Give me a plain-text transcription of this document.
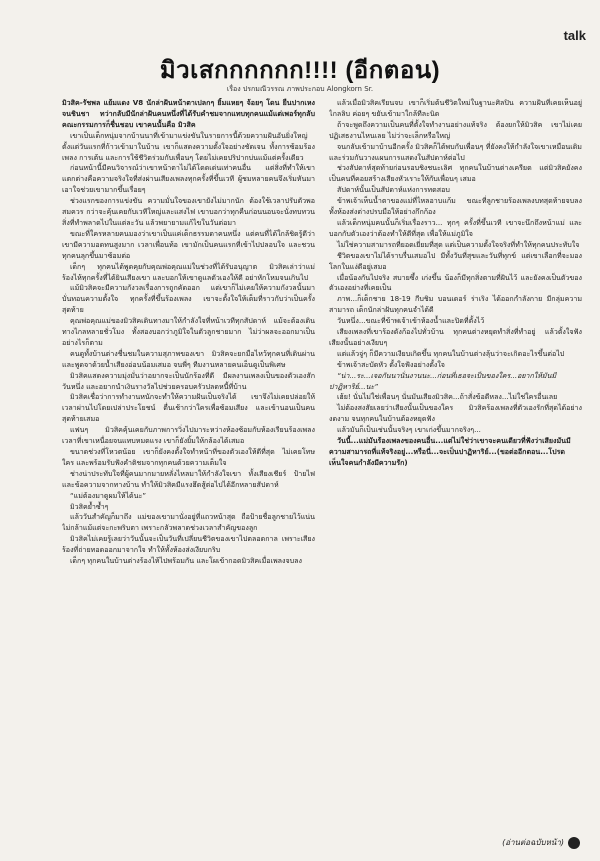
talk
มิวเสกกกกกก!!!! (อีกตอน)
เรื่อง ปรกมณีวรรณ ภาพประกอบ Alongkorn Sr.

มิวสิค-รัชพล แย้มแดง V8 นักล่าฝันหน้าตาเปลกๆ ยิ้มแหยๆ จ้อยๆ โดน ยืนปากเหงจนชินชา ทว่ากลับมีนักล่าฝันคนหนึ่งที่ได้รับคำชมจากแทบทุกคนแม้แต่เพอร์ทุกลับ คณะกรรมการก็ชื่นชอบ เขาคนนั้นคือ มิวสิค

เขาเป็นเด็กหนุ่มจากบ้านนาที่เข้ามาแข่งขันในรายการนี้ด้วยความฝันอันยิ่งใหญ่ ตั้งแต่วันแรกที่ก้าวเข้ามาในบ้าน เขาก็แสดงความตั้งใจอย่างชัดเจน ทั้งการซ้อมร้องเพลง การเต้น และการใช้ชีวิตร่วมกับเพื่อนๆ โดยไม่เคยปริปากบ่นแม้แต่ครั้งเดียว

ก่อนหน้านี้มีคนวิจารณ์ว่าเขาหน้าตาไม่ได้โดดเด่นเท่าคนอื่น แต่สิ่งที่ทำให้เขาแตกต่างคือความจริงใจที่ส่งผ่านเสียงเพลงทุกครั้งที่ขึ้นเวที ผู้ชมหลายคนจึงเริ่มหันมาเอาใจช่วยเขามากขึ้นเรื่อยๆ

ช่วงแรกของการแข่งขัน ความมั่นใจของเขายังไม่มากนัก ต้องใช้เวลาปรับตัวพอสมควร กว่าจะคุ้นเคยกับเวทีใหญ่และแสงไฟ เขาบอกว่าทุกคืนก่อนนอนจะนั่งทบทวนสิ่งที่ทำพลาดไปในแต่ละวัน แล้วพยายามแก้ไขในวันต่อมา

ขณะที่ใครหลายคนมองว่าเขาเป็นแค่เด็กธรรมดาคนหนึ่ง แต่คนที่ได้ใกล้ชิดรู้ดีว่าเขามีความอดทนสูงมาก เวลาเพื่อนท้อ เขามักเป็นคนแรกที่เข้าไปปลอบใจ และชวนทุกคนลุกขึ้นมาซ้อมต่อ

เด็กๆ ทุกคนได้พูดคุยกับคุณพ่อคุณแม่ในช่วงที่ได้รับอนุญาต มิวสิคเล่าว่าแม่ร้องไห้ทุกครั้งที่ได้ยินเสียงเขา และบอกให้เขาดูแลตัวเองให้ดี อย่าหักโหมจนเกินไป

แม้มิวสิคจะมีความกังวลเรื่องการถูกคัดออก แต่เขาก็ไม่เคยให้ความกังวลนั้นมาบั่นทอนความตั้งใจ ทุกครั้งที่ขึ้นร้องเพลง เขาจะตั้งใจให้เต็มที่ราวกับว่าเป็นครั้งสุดท้าย

คุณพ่อคุณแม่ของมิวสิคเดินทางมาให้กำลังใจที่หน้าเวทีทุกสัปดาห์ แม้จะต้องเดินทางไกลหลายชั่วโมง ทั้งสองบอกว่าภูมิใจในตัวลูกชายมาก ไม่ว่าผลจะออกมาเป็นอย่างไรก็ตาม

คนดูทั้งบ้านต่างชื่นชมในความสุภาพของเขา มิวสิคจะยกมือไหว้ทุกคนที่เดินผ่าน และพูดจาด้วยน้ำเสียงอ่อนน้อมเสมอ จนพี่ๆ ทีมงานหลายคนเอ็นดูเป็นพิเศษ

มิวสิคแสดงความมุ่งมั่นว่าอยากจะเป็นนักร้องที่ดี มีผลงานเพลงเป็นของตัวเองสักวันหนึ่ง และอยากนำเงินรางวัลไปช่วยครอบครัวปลดหนี้ที่บ้าน

มิวสิคเชื่อว่าการทำงานหนักจะทำให้ความฝันเป็นจริงได้ เขาจึงไม่เคยปล่อยให้เวลาผ่านไปโดยเปล่าประโยชน์ ตื่นเช้ากว่าใครเพื่อซ้อมเสียง และเข้านอนเป็นคนสุดท้ายเสมอ

แฟนๆ มิวสิคคุ้นเคยกับภาพการวิ่งไปมาระหว่างห้องซ้อมกับห้องเรียนร้องเพลง เวลาที่เขาเหนื่อยจนแทบหมดแรง เขาก็ยังยิ้มให้กล้องได้เสมอ

ขนาดช่วงที่โหวตน้อย เขาก็ยังคงตั้งใจทำหน้าที่ของตัวเองให้ดีที่สุด ไม่เคยโทษใคร และพร้อมรับฟังคำติชมจากทุกคนด้วยความเต็มใจ

ช่างน่าประทับใจที่ผู้คนมากมายหลั่งไหลมาให้กำลังใจเขา ทั้งเสียงเชียร์ ป้ายไฟ และข้อความจากทางบ้าน ทำให้มิวสิคมีแรงฮึดสู้ต่อไปได้อีกหลายสัปดาห์

“แม่ต้องมาดูผมให้ได้นะ”

มิวสิคย้ำซ้ำๆ

แล้ววันสำคัญก็มาถึง แม่ของเขามานั่งอยู่ที่แถวหน้าสุด ถือป้ายชื่อลูกชายไว้แน่น ไม่กล้าแม้แต่จะกะพริบตา เพราะกลัวพลาดช่วงเวลาสำคัญของลูก

มิวสิคไม่เคยรู้เลยว่าวันนั้นจะเป็นวันที่เปลี่ยนชีวิตของเขาไปตลอดกาล เพราะเสียงร้องที่ถ่ายทอดออกมาจากใจ ทำให้ทั้งห้องส่งเงียบกริบ

เด็กๆ ทุกคนในบ้านต่างร้องไห้ไปพร้อมกัน และโผเข้ากอดมิวสิคเมื่อเพลงจบลง

แล้วเมื่อมิวสิคเรียนจบ เขาก็เริ่มต้นชีวิตใหม่ในฐานะศิลปิน ความฝันที่เคยเห็นอยู่ไกลลิบ ค่อยๆ ขยับเข้ามาใกล้ทีละนิด

ถ้าจะพูดถึงความเป็นคนที่ตั้งใจทำงานอย่างแท้จริง ต้องยกให้มิวสิค เขาไม่เคยปฏิเสธงานไหนเลย ไม่ว่าจะเล็กหรือใหญ่

จนกลับเข้ามาบ้านอีกครั้ง มิวสิคก็ได้พบกับเพื่อนๆ ที่ยังคงให้กำลังใจเขาเหมือนเดิม และร่วมกันวางแผนการแสดงในสัปดาห์ต่อไป

ช่วงสัปดาห์สุดท้ายก่อนรอบชิงชนะเลิศ ทุกคนในบ้านต่างเครียด แต่มิวสิคยังคงเป็นคนที่คอยสร้างเสียงหัวเราะให้กับเพื่อนๆ เสมอ

สัปดาห์นั้นเป็นสัปดาห์แห่งการทดสอบ

ข้าพเจ้าเห็นน้ำตาของแม่ที่ไหลอาบแก้ม ขณะที่ลูกชายร้องเพลงบทสุดท้ายจบลง ทั้งห้องส่งต่างปรบมือให้อย่างกึกก้อง

แล้วเด็กหนุ่มคนนั้นก็เริ่มเรื่องราว... ทุกๆ ครั้งที่ขึ้นเวที เขาจะนึกถึงหน้าแม่ และบอกกับตัวเองว่าต้องทำให้ดีที่สุด เพื่อให้แม่ภูมิใจ

ไม่ใช่ความสามารถที่ยอดเยี่ยมที่สุด แต่เป็นความตั้งใจจริงที่ทำให้ทุกคนประทับใจ

ชีวิตของเขาไม่ได้ราบรื่นเสมอไป มีทั้งวันที่สุขและวันที่ทุกข์ แต่เขาเลือกที่จะมองโลกในแง่ดีอยู่เสมอ

เมื่อน้องกันไปจริง สบายซึ้ง เก่งขึ้น น้องก็มีทุกสิ่งตามที่ฝันไว้ และยังคงเป็นตัวของตัวเองอย่างที่เคยเป็น

ภาพ...ก็เด็กชาย 18-19 กีบชิม บอนเดอร์ ร่าเริง ได้ออกกำลังกาย มีกลุ่มความสามารถ เด็กนักล่าฝันทุกคนจำได้ดี

วันหนึ่ง...ขณะที่ข้าพเจ้าเข้าห้องน้ำและปิดที่ตั้งไว้

เสียงเพลงที่เขาร้องดังก้องไปทั่วบ้าน ทุกคนต่างหยุดทำสิ่งที่ทำอยู่ แล้วตั้งใจฟังเสียงนั้นอย่างเงียบๆ

แต่แล้วจู่ๆ ก็มีความเงียบเกิดขึ้น ทุกคนในบ้านต่างลุ้นว่าจะเกิดอะไรขึ้นต่อไป

ข้าพเจ้าสะบัดหัว ตั้งใจฟังอย่างตั้งใจ

“น่า...ระ...เจอกันนานั่นงานนะ...ก่อนที่เธอจะเป็นของใคร...อยากให้มันมีปาฏิหาริย์...นะ”

เฮ้ย! นั่นไม่ใช่เพื่อนๆ นั่นมันเสียงมิวสิค...ถ้าสั่งข้อดีหลง...ไม่ใช่ใครอื่นเลย

ไม่ต้องสงสัยเลยว่าเสียงนั้นเป็นของใคร มิวสิคร้องเพลงที่ตัวเองรักที่สุดได้อย่างงดงาม จนทุกคนในบ้านต้องหยุดฟัง

แล้วมันก็เป็นเช่นนั้นจริงๆ เขาเก่งขึ้นมากจริงๆ...

วันนี้...แม่มันร้องเพลงของคนอื่น...แต่ไม่ใช่ว่าเขาจะคนเดียวที่ฟังว่าเสียงมันมีความสามารถที่แท้จริงอยู่...หรือนี่...จะเป็นปาฏิหาริย์...(ขอต่ออีกตอน...โปรดเห็นใจคนกำลังมีความรัก)

(อ่านต่อฉบับหน้า)
